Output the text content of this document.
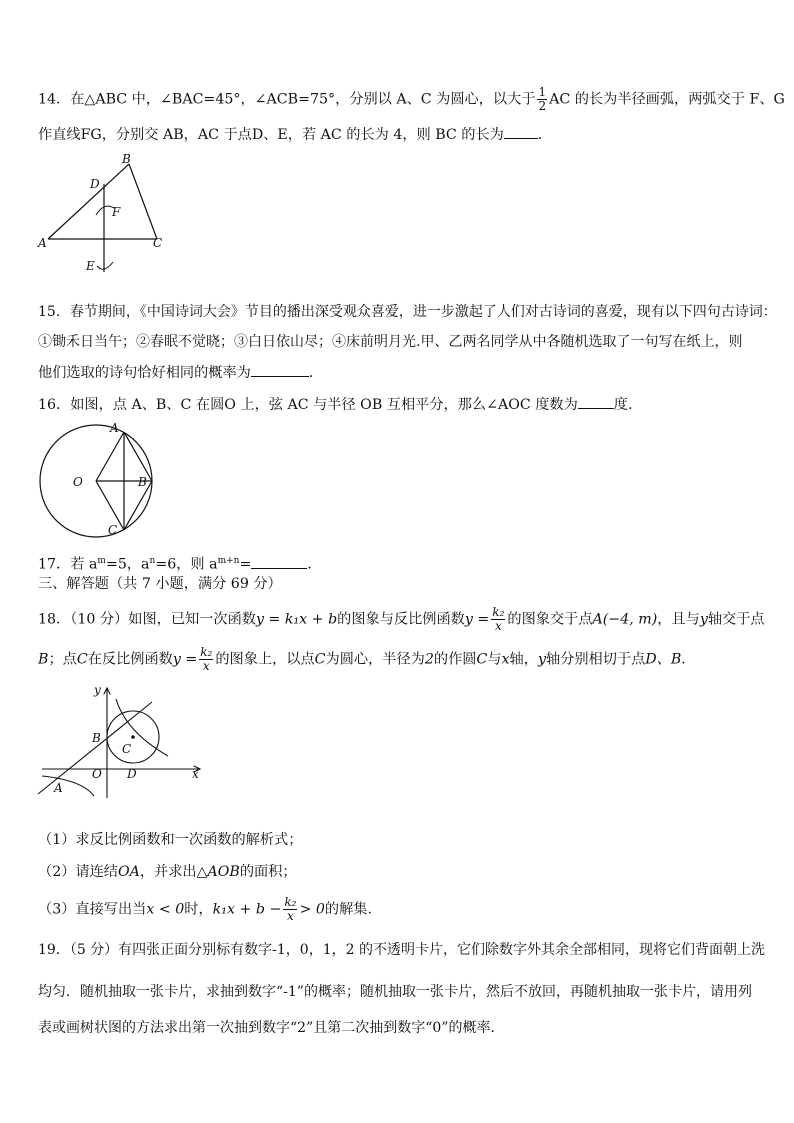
14．在△ABC 中，∠BAC=45°，∠ACB=75°，分别以 A、C 为圆心，以大于 $\frac{1}{2}$ AC 的长为半径画弧，两弧交于 F、G
作直线FG，分别交 AB，AC 于点D、E，若 AC 的长为 4，则 BC 的长为 ．
B
D
F
A	C
E
15．春节期间，《中国诗词大会》节目的播出深受观众喜爱，进一步激起了人们对古诗词的喜爱，现有以下四句古诗词：
①锄禾日当午；②春眠不觉晓；③白日依山尽；④床前明月光.甲、乙两名同学从中各随机选取了一句写在纸上，则
他们选取的诗句恰好相同的概率为	．
16．如图，点 A、B、C 在圆O 上，弦 AC 与半径 OB 互相平分，那么∠AOC 度数为	度.
A
O	B
C
17．若 $a^m=5$，$a^n=6$，则 $a^{m+n}=$	．
三、解答题（共 7 小题，满分 69 分）
18．（10 分）如图，已知一次函数y = k₁x + b的图象与反比例函数$y = \frac{\text{k₂}}{x}$ 的图象交于点A(−4, m)，且与y轴交于点
B；点C在反比例函数$y = \frac{\text{k₂}}{x}$ 的图象上，以点C为圆心，半径为2的作圆C与x轴，y轴分别相切于点D、B．
y
B
C
O D	x
A
（1）求反比例函数和一次函数的解析式；
（2）请连结OA，并求出△AOB的面积；
（3）直接写出当x < 0时，$k_1x + b - \frac{\text{k₂}}{x} > 0$的解集.
19．（5 分）有四张正面分别标有数字-1，0，1，2 的不透明卡片，它们除数字外其余全部相同，现将它们背面朝上洗
均匀．随机抽取一张卡片，求抽到数字“-1”的概率；随机抽取一张卡片，然后不放回，再随机抽取一张卡片，请用列
表或画树状图的方法求出第一次抽到数字“2”且第二次抽到数字“0”的概率．
